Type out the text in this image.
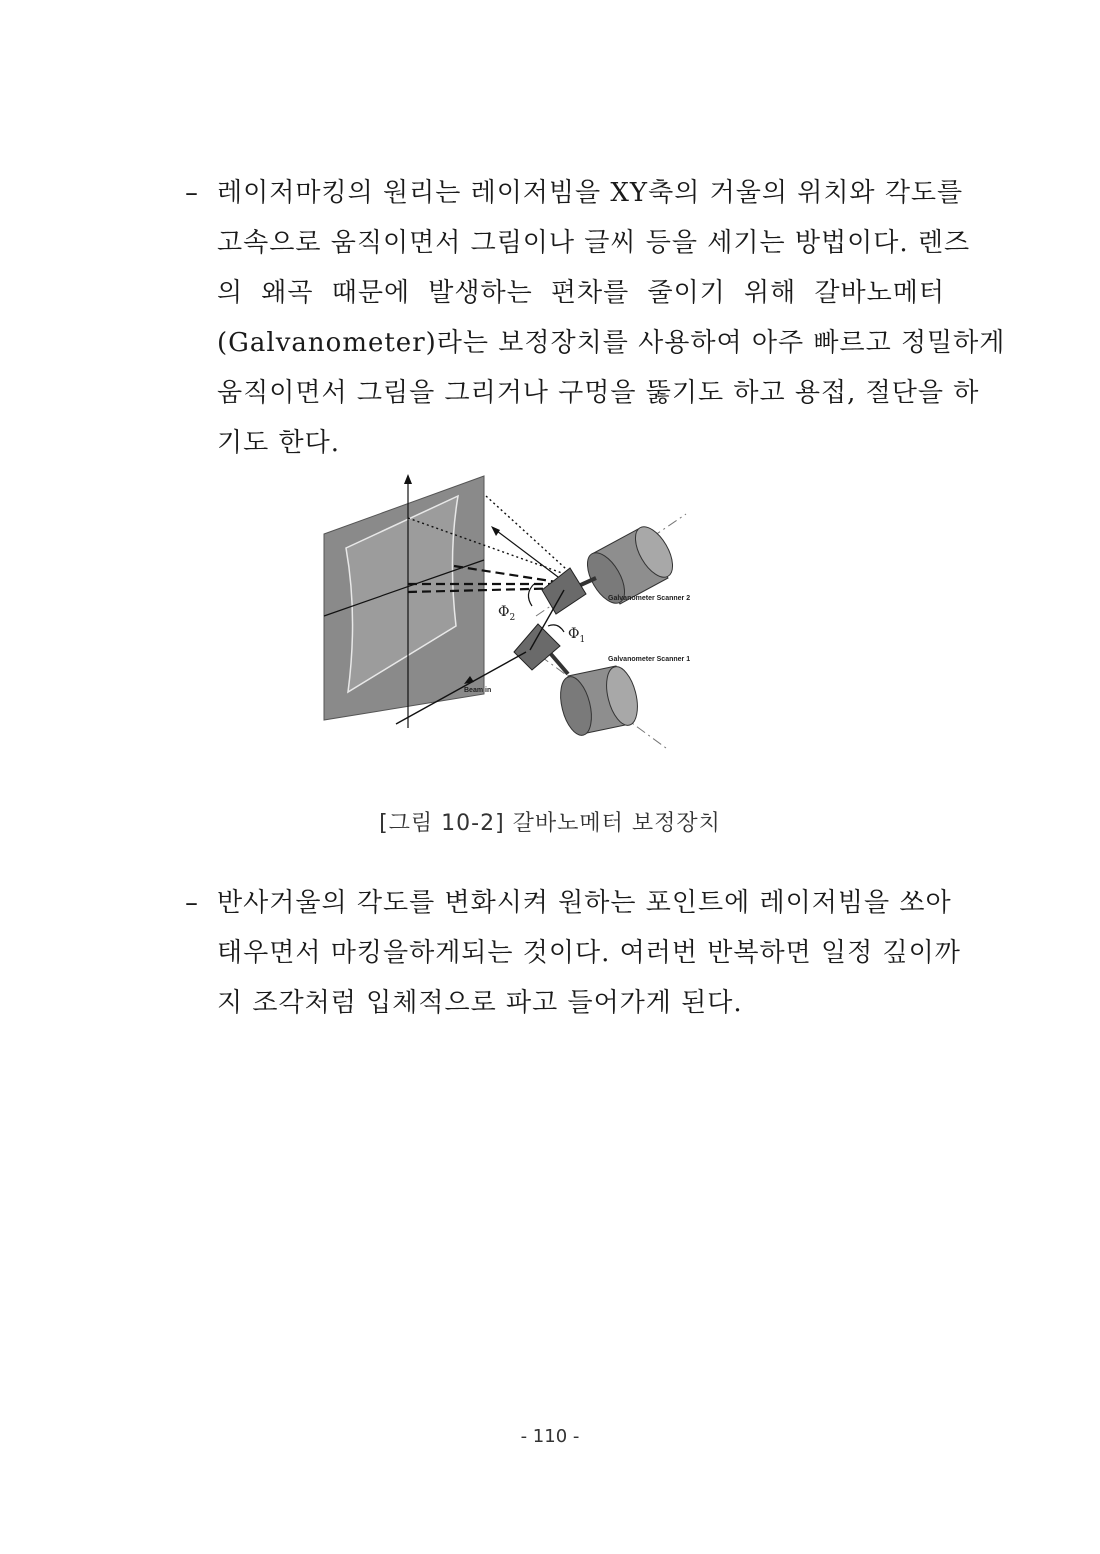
– 레이저마킹의 원리는 레이저빔을 XY축의 거울의 위치와 각도를
고속으로 움직이면서 그림이나 글씨 등을 세기는 방법이다. 렌즈
의 왜곡 때문에 발생하는 편차를 줄이기 위해 갈바노메터
(Galvanometer)라는 보정장치를 사용하여 아주 빠르고 정밀하게
움직이면서 그림을 그리거나 구멍을 뚫기도 하고 용접, 절단을 하
기도 한다.
$\Phi_2$
$\Phi_1$
Galvanometer Scanner 2
Galvanometer Scanner 1
Beam in
[그림 10-2] 갈바노메터 보정장치
– 반사거울의 각도를 변화시켜 원하는 포인트에 레이저빔을 쏘아
태우면서 마킹을하게되는 것이다. 여러번 반복하면 일정 깊이까
지 조각처럼 입체적으로 파고 들어가게 된다.
- 110 -
